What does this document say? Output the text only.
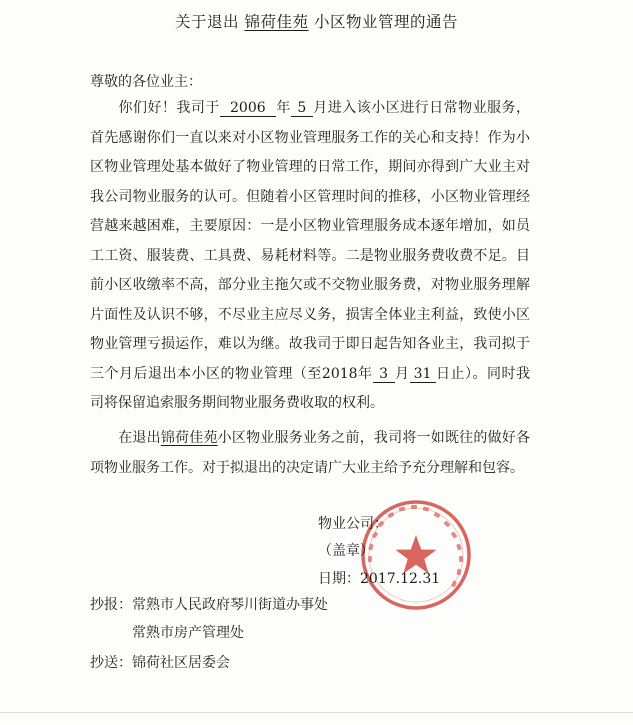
关于退出 锦荷佳苑 小区物业管理的通告
尊敬的各位业主：
你们好！我司于 2006 年 5 月进入该小区进行日常物业服务，首先感谢你们一直以来对小区物业管理服务工作的关心和支持！作为小区物业管理处基本做好了物业管理的日常工作，期间亦得到广大业主对我公司物业服务的认可。但随着小区管理时间的推移，小区物业管理经营越来越困难，主要原因：一是小区物业管理服务成本逐年增加，如员工工资、服装费、工具费、易耗材料等。二是物业服务费收费不足。目前小区收缴率不高，部分业主拖欠或不交物业服务费，对物业服务理解片面性及认识不够，不尽业主应尽义务，损害全体业主利益，致使小区物业管理亏损运作，难以为继。故我司于即日起告知各业主，我司拟于三个月后退出本小区的物业管理（至2018年 3 月 31 日止）。同时我司将保留追索服务期间物业服务费收取的权利。
在退出锦荷佳苑小区物业服务业务之前，我司将一如既往的做好各项物业服务工作。对于拟退出的决定请广大业主给予充分理解和包容。
物业公司：
（盖章）
日期：2017.12.31
抄报： 常熟市人民政府琴川街道办事处
常熟市房产管理处
抄送： 锦荷社区居委会
